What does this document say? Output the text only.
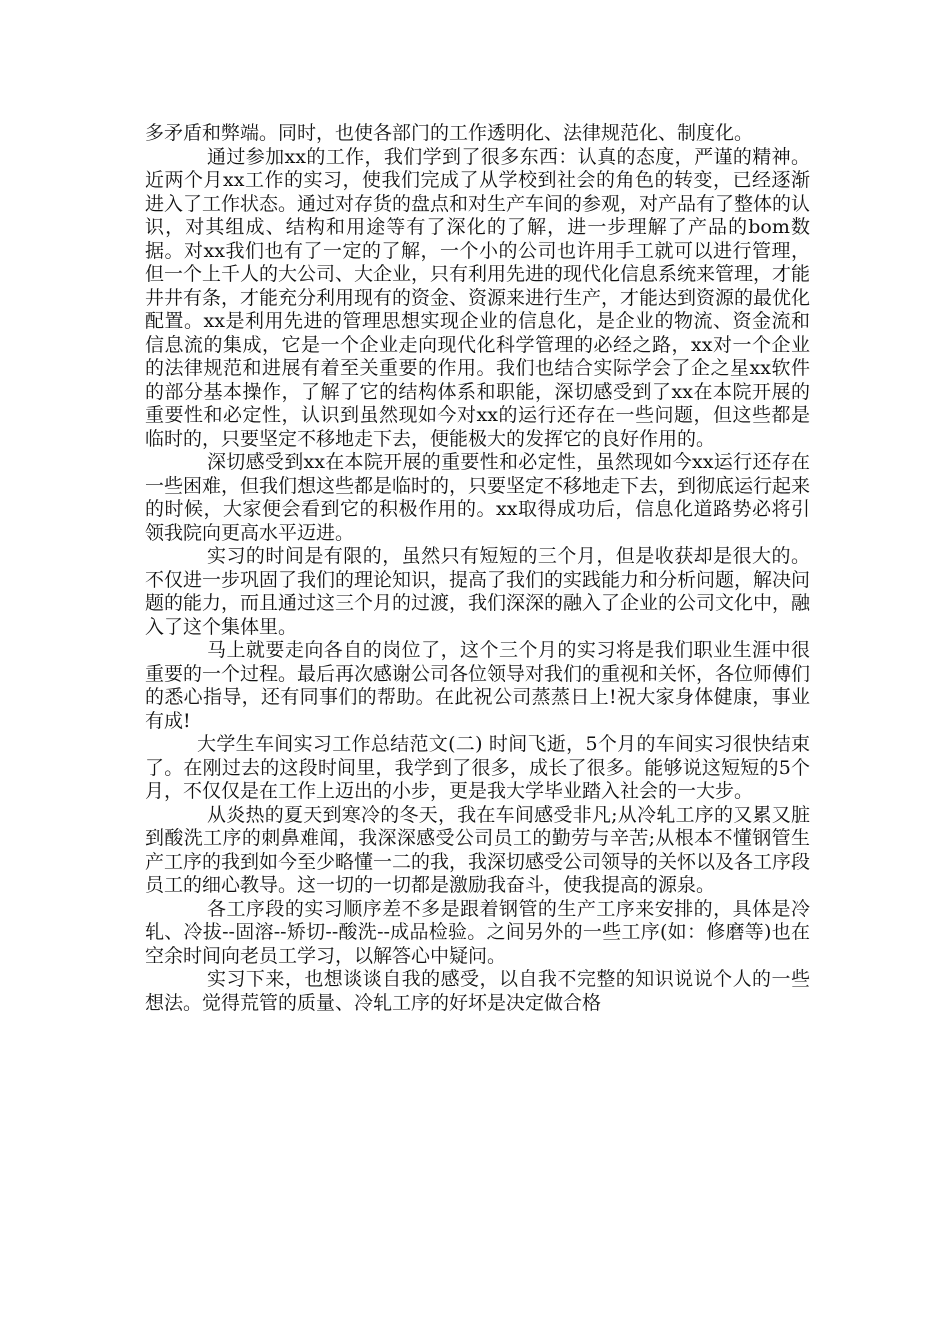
多矛盾和弊端。同时，也使各部门的工作透明化、法律规范化、制度化。

通过参加xx的工作，我们学到了很多东西：认真的态度，严谨的精神。近两个月xx工作的实习，使我们完成了从学校到社会的角色的转变，已经逐渐进入了工作状态。通过对存货的盘点和对生产车间的参观，对产品有了整体的认识，对其组成、结构和用途等有了深化的了解，进一步理解了产品的bom数据。对xx我们也有了一定的了解，一个小的公司也许用手工就可以进行管理，但一个上千人的大公司、大企业，只有利用先进的现代化信息系统来管理，才能井井有条，才能充分利用现有的资金、资源来进行生产，才能达到资源的最优化配置。xx是利用先进的管理思想实现企业的信息化，是企业的物流、资金流和信息流的集成，它是一个企业走向现代化科学管理的必经之路，xx对一个企业的法律规范和进展有着至关重要的作用。我们也结合实际学会了企之星xx软件的部分基本操作，了解了它的结构体系和职能，深切感受到了xx在本院开展的重要性和必定性，认识到虽然现如今对xx的运行还存在一些问题，但这些都是临时的，只要坚定不移地走下去，便能极大的发挥它的良好作用的。

深切感受到xx在本院开展的重要性和必定性，虽然现如今xx运行还存在一些困难，但我们想这些都是临时的，只要坚定不移地走下去，到彻底运行起来的时候，大家便会看到它的积极作用的。xx取得成功后，信息化道路势必将引领我院向更高水平迈进。

实习的时间是有限的，虽然只有短短的三个月，但是收获却是很大的。不仅进一步巩固了我们的理论知识，提高了我们的实践能力和分析问题，解决问题的能力，而且通过这三个月的过渡，我们深深的融入了企业的公司文化中，融入了这个集体里。

马上就要走向各自的岗位了，这个三个月的实习将是我们职业生涯中很重要的一个过程。最后再次感谢公司各位领导对我们的重视和关怀，各位师傅们的悉心指导，还有同事们的帮助。在此祝公司蒸蒸日上!祝大家身体健康，事业有成!

大学生车间实习工作总结范文(二) 时间飞逝，5个月的车间实习很快结束了。在刚过去的这段时间里，我学到了很多，成长了很多。能够说这短短的5个月，不仅仅是在工作上迈出的小步，更是我大学毕业踏入社会的一大步。

从炎热的夏天到寒冷的冬天，我在车间感受非凡;从冷轧工序的又累又脏到酸洗工序的刺鼻难闻，我深深感受公司员工的勤劳与辛苦;从根本不懂钢管生产工序的我到如今至少略懂一二的我，我深切感受公司领导的关怀以及各工序段员工的细心教导。这一切的一切都是激励我奋斗，使我提高的源泉。

各工序段的实习顺序差不多是跟着钢管的生产工序来安排的，具体是冷轧、冷拔--固溶--矫切--酸洗--成品检验。之间另外的一些工序(如：修磨等)也在空余时间向老员工学习，以解答心中疑问。

实习下来，也想谈谈自我的感受，以自我不完整的知识说说个人的一些想法。觉得荒管的质量、冷轧工序的好坏是决定做合格
